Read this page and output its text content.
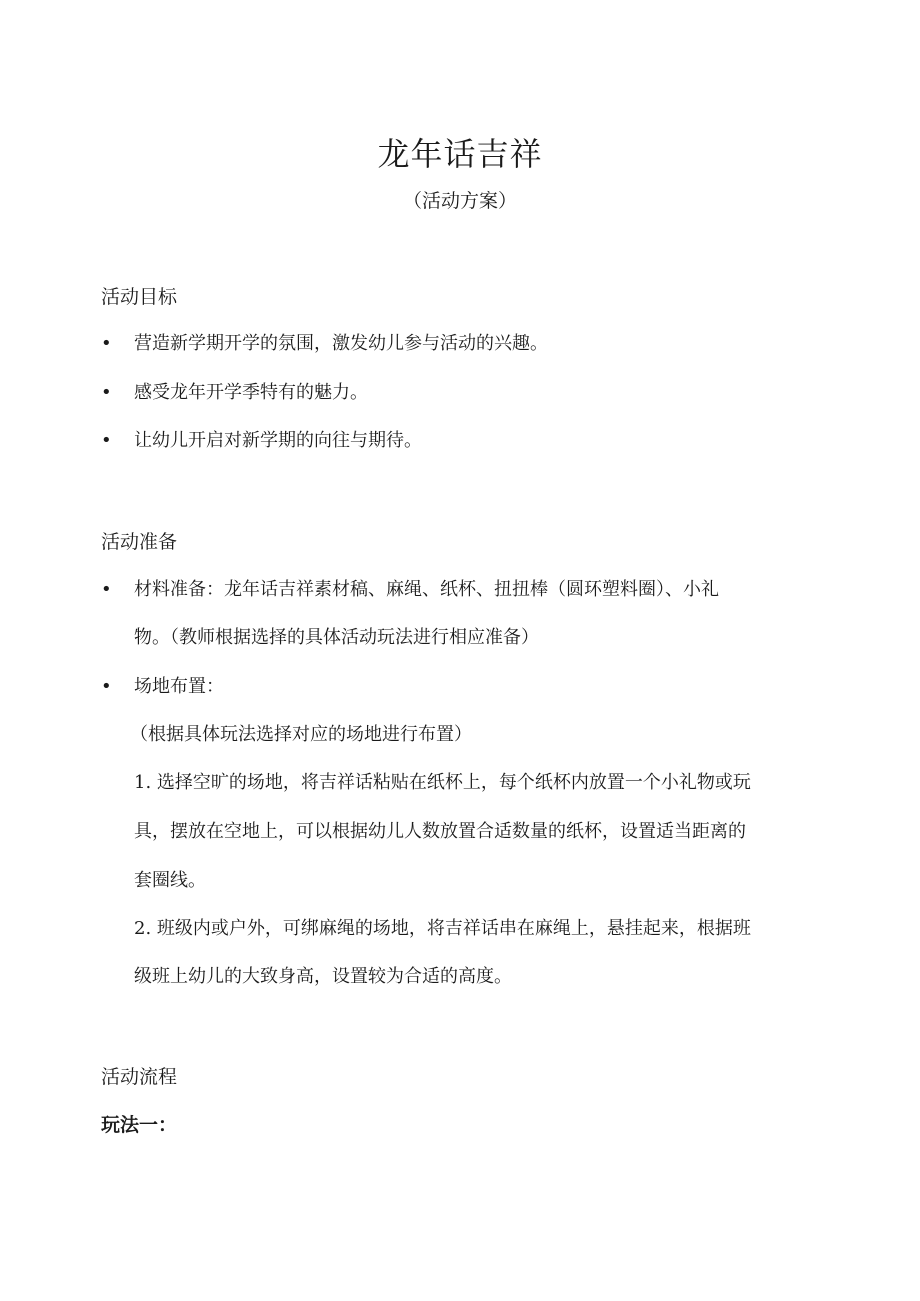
龙年话吉祥
（活动方案）
活动目标
• 营造新学期开学的氛围，激发幼儿参与活动的兴趣。
• 感受龙年开学季特有的魅力。
• 让幼儿开启对新学期的向往与期待。
活动准备
• 材料准备：龙年话吉祥素材稿、麻绳、纸杯、扭扭棒（圆环塑料圈）、小礼
物。（教师根据选择的具体活动玩法进行相应准备）
• 场地布置：
（根据具体玩法选择对应的场地进行布置）
1. 选择空旷的场地，将吉祥话粘贴在纸杯上，每个纸杯内放置一个小礼物或玩
具，摆放在空地上，可以根据幼儿人数放置合适数量的纸杯，设置适当距离的
套圈线。
2. 班级内或户外，可绑麻绳的场地，将吉祥话串在麻绳上，悬挂起来，根据班
级班上幼儿的大致身高，设置较为合适的高度。
活动流程
玩法一：
